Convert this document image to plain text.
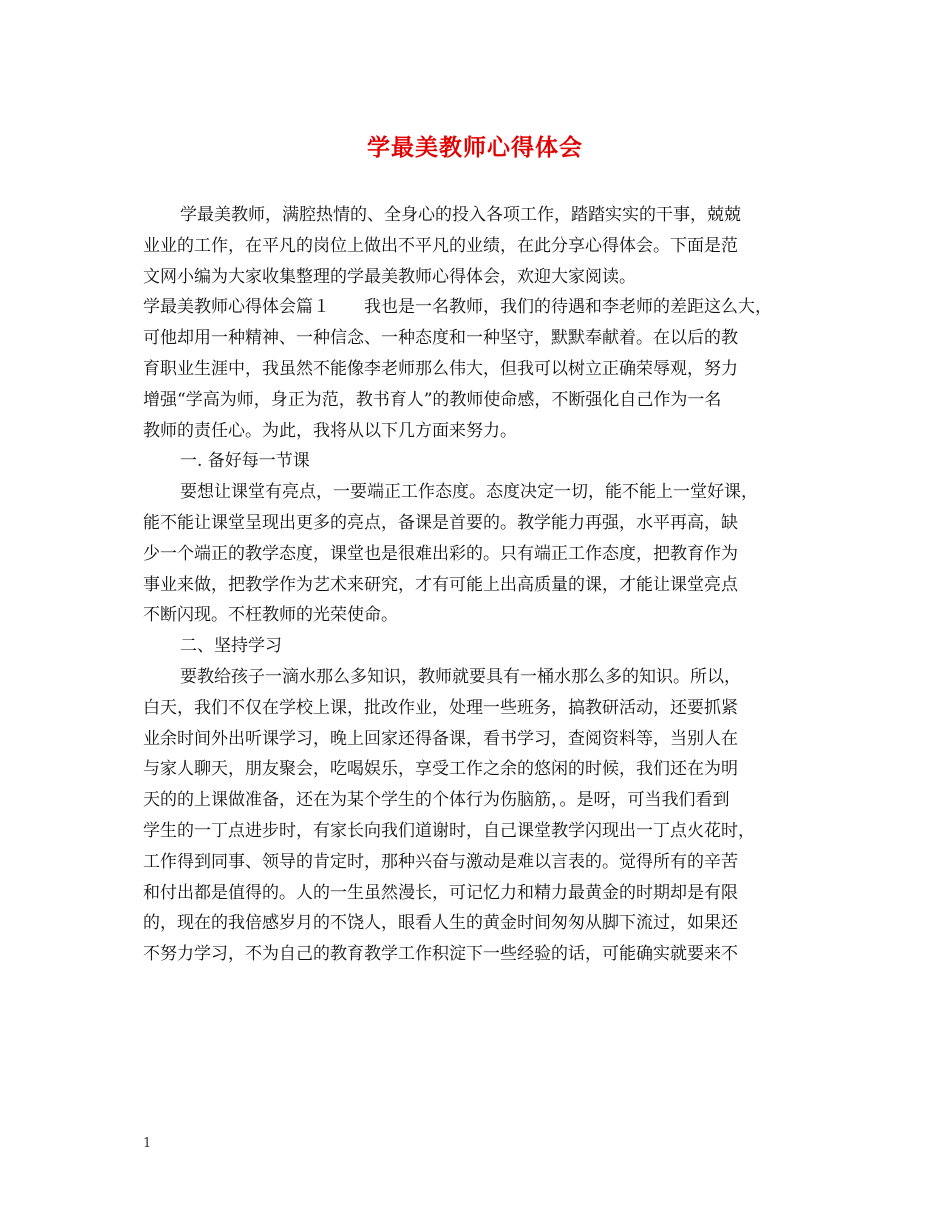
学最美教师心得体会
学最美教师，满腔热情的、全身心的投入各项工作，踏踏实实的干事，兢兢
业业的工作，在平凡的岗位上做出不平凡的业绩，在此分享心得体会。下面是范
文网小编为大家收集整理的学最美教师心得体会，欢迎大家阅读。
学最美教师心得体会篇１　　我也是一名教师，我们的待遇和李老师的差距这么大，
可他却用一种精神、一种信念、一种态度和一种坚守，默默奉献着。在以后的教
育职业生涯中，我虽然不能像李老师那么伟大，但我可以树立正确荣辱观，努力
增强“学高为师，身正为范，教书育人”的教师使命感，不断强化自己作为一名
教师的责任心。为此，我将从以下几方面来努力。
一. 备好每一节课
要想让课堂有亮点，一要端正工作态度。态度决定一切，能不能上一堂好课，
能不能让课堂呈现出更多的亮点，备课是首要的。教学能力再强，水平再高，缺
少一个端正的教学态度，课堂也是很难出彩的。只有端正工作态度，把教育作为
事业来做，把教学作为艺术来研究，才有可能上出高质量的课，才能让课堂亮点
不断闪现。不枉教师的光荣使命。
二、坚持学习
要教给孩子一滴水那么多知识，教师就要具有一桶水那么多的知识。所以，
白天，我们不仅在学校上课，批改作业，处理一些班务，搞教研活动，还要抓紧
业余时间外出听课学习，晚上回家还得备课，看书学习，查阅资料等，当别人在
与家人聊天，朋友聚会，吃喝娱乐，享受工作之余的悠闲的时候，我们还在为明
天的的上课做准备，还在为某个学生的个体行为伤脑筋，。是呀，可当我们看到
学生的一丁点进步时，有家长向我们道谢时，自己课堂教学闪现出一丁点火花时，
工作得到同事、领导的肯定时，那种兴奋与激动是难以言表的。觉得所有的辛苦
和付出都是值得的。人的一生虽然漫长，可记忆力和精力最黄金的时期却是有限
的，现在的我倍感岁月的不饶人，眼看人生的黄金时间匆匆从脚下流过，如果还
不努力学习，不为自己的教育教学工作积淀下一些经验的话，可能确实就要来不
1
